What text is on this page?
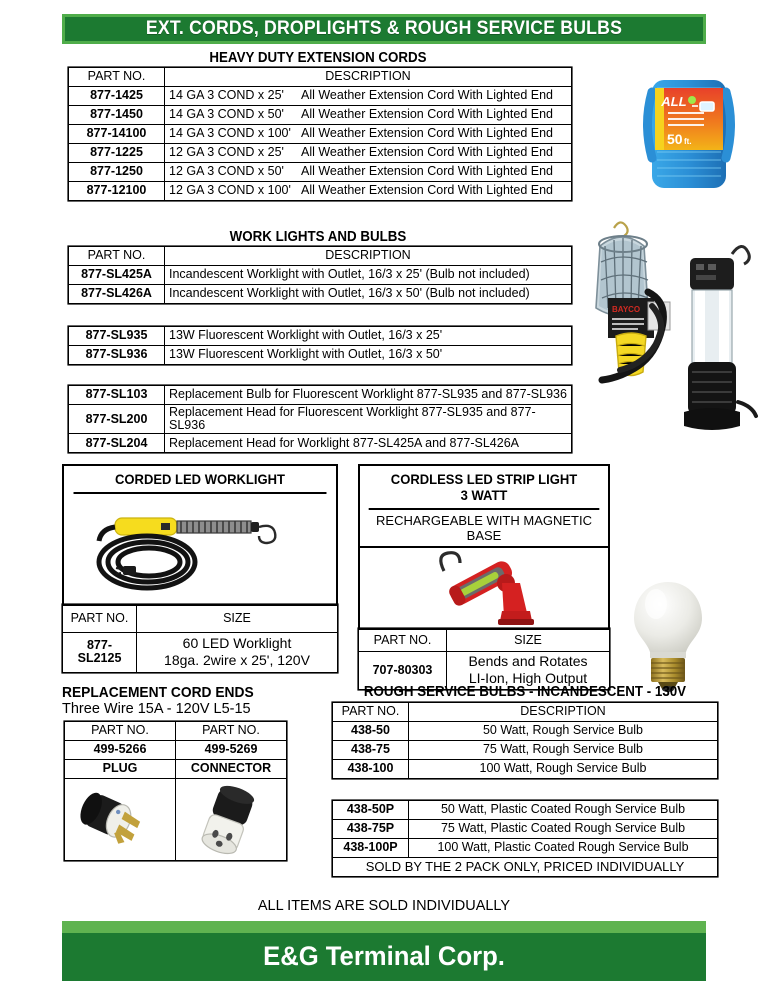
EXT. CORDS, DROPLIGHTS & ROUGH SERVICE BULBS
HEAVY DUTY EXTENSION CORDS
PART NO.	DESCRIPTION
877-1425	14 GA 3 COND x 25' All Weather Extension Cord With Lighted End
877-1450	14 GA 3 COND x 50' All Weather Extension Cord With Lighted End
877-14100	14 GA 3 COND x 100' All Weather Extension Cord With Lighted End
877-1225	12 GA 3 COND x 25' All Weather Extension Cord With Lighted End
877-1250	12 GA 3 COND x 50' All Weather Extension Cord With Lighted End
877-12100	12 GA 3 COND x 100' All Weather Extension Cord With Lighted End
ALL
50 ft.
WORK LIGHTS AND BULBS
PART NO.	DESCRIPTION
877-SL425A	Incandescent Worklight with Outlet, 16/3 x 25' (Bulb not included)
877-SL426A	Incandescent Worklight with Outlet, 16/3 x 50' (Bulb not included)
877-SL935	13W Fluorescent Worklight with Outlet, 16/3 x 25'
877-SL936	13W Fluorescent Worklight with Outlet, 16/3 x 50'
877-SL103	Replacement Bulb for Fluorescent Worklight 877-SL935 and 877-SL936
877-SL200	Replacement Head for Fluorescent Worklight 877-SL935 and 877-SL936
877-SL204	Replacement Head for Worklight 877-SL425A and 877-SL426A
BAYCO
CORDED LED WORKLIGHT
PART NO.	SIZE
877-SL2125	60 LED Worklight
18ga. 2wire x 25', 120V
CORDLESS LED STRIP LIGHT
3 WATT
RECHARGEABLE WITH MAGNETIC BASE
PART NO.	SIZE
707-80303	Bends and Rotates
LI-Ion, High Output
REPLACEMENT CORD ENDS
Three Wire 15A - 120V L5-15
PART NO.	PART NO.
499-5266	499-5269
PLUG	CONNECTOR

ROUGH SERVICE BULBS - INCANDESCENT - 130V
PART NO.	DESCRIPTION
438-50	50 Watt, Rough Service Bulb
438-75	75 Watt, Rough Service Bulb
438-100	100 Watt, Rough Service Bulb
438-50P	50 Watt, Plastic Coated Rough Service Bulb
438-75P	75 Watt, Plastic Coated Rough Service Bulb
438-100P	100 Watt, Plastic Coated Rough Service Bulb
SOLD BY THE 2 PACK ONLY, PRICED INDIVIDUALLY	
ALL ITEMS ARE SOLD INDIVIDUALLY
E&G Terminal Corp.	76
